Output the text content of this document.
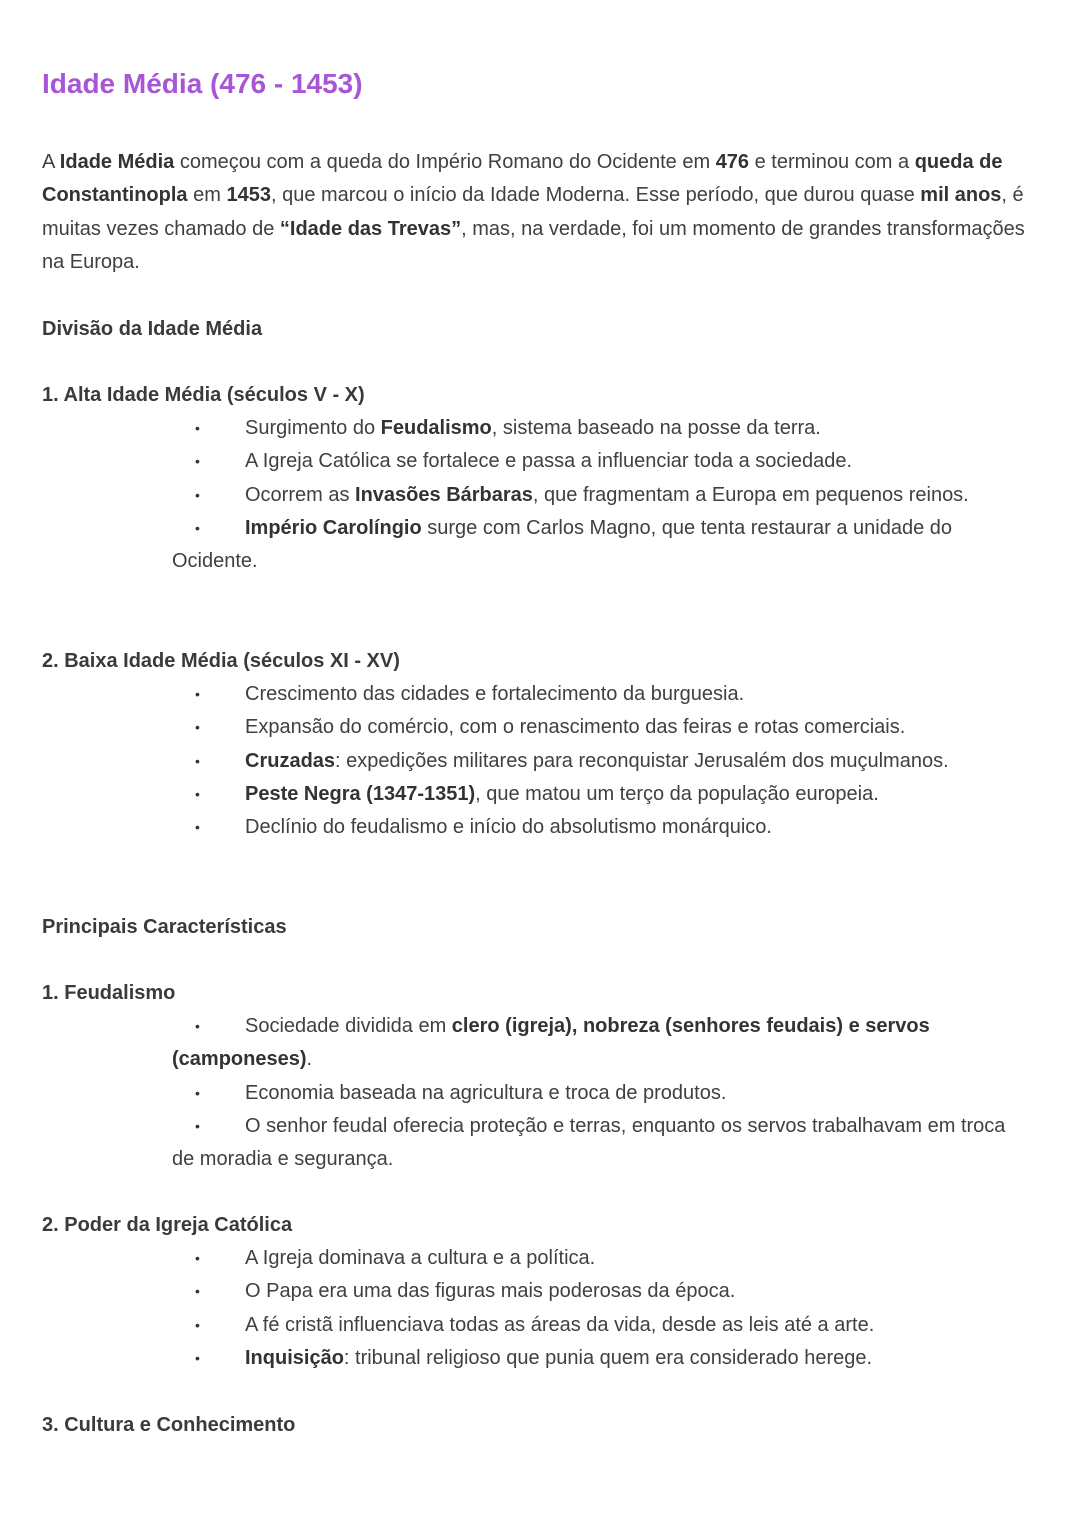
Idade Média (476 - 1453)

A Idade Média começou com a queda do Império Romano do Ocidente em 476 e terminou com a queda de Constantinopla em 1453, que marcou o início da Idade Moderna. Esse período, que durou quase mil anos, é muitas vezes chamado de “Idade das Trevas”, mas, na verdade, foi um momento de grandes transformações na Europa.

Divisão da Idade Média
1. Alta Idade Média (séculos V - X)
• Surgimento do Feudalismo, sistema baseado na posse da terra.
• A Igreja Católica se fortalece e passa a influenciar toda a sociedade.
• Ocorrem as Invasões Bárbaras, que fragmentam a Europa em pequenos reinos.
• Império Carolíngio surge com Carlos Magno, que tenta restaurar a unidade do Ocidente.
2. Baixa Idade Média (séculos XI - XV)
• Crescimento das cidades e fortalecimento da burguesia.
• Expansão do comércio, com o renascimento das feiras e rotas comerciais.
• Cruzadas: expedições militares para reconquistar Jerusalém dos muçulmanos.
• Peste Negra (1347-1351), que matou um terço da população europeia.
• Declínio do feudalismo e início do absolutismo monárquico.
Principais Características
1. Feudalismo
• Sociedade dividida em clero (igreja), nobreza (senhores feudais) e servos (camponeses).
• Economia baseada na agricultura e troca de produtos.
• O senhor feudal oferecia proteção e terras, enquanto os servos trabalhavam em troca de moradia e segurança.
2. Poder da Igreja Católica
• A Igreja dominava a cultura e a política.
• O Papa era uma das figuras mais poderosas da época.
• A fé cristã influenciava todas as áreas da vida, desde as leis até a arte.
• Inquisição: tribunal religioso que punia quem era considerado herege.
3. Cultura e Conhecimento
